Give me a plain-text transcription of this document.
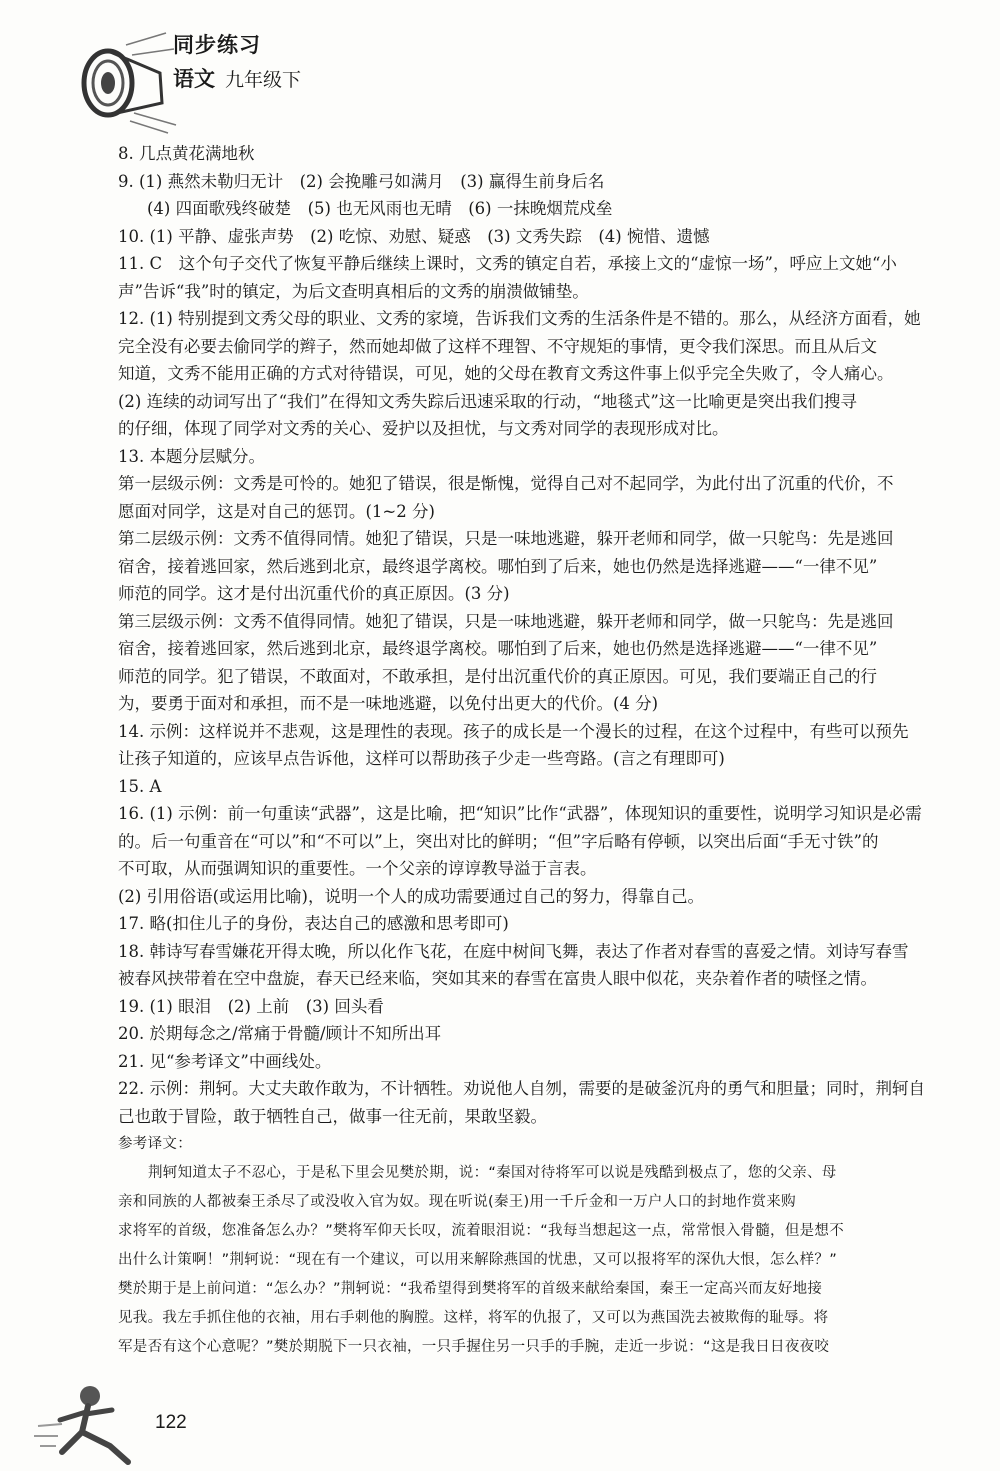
同步练习
语文 九年级下
8. 几点黄花满地秋
9. (1) 燕然未勒归无计　(2) 会挽雕弓如满月　(3) 赢得生前身后名
(4) 四面歌残终破楚　(5) 也无风雨也无晴　(6) 一抹晚烟荒戍垒
10. (1) 平静、虚张声势　(2) 吃惊、劝慰、疑惑　(3) 文秀失踪　(4) 惋惜、遗憾
11. C　这个句子交代了恢复平静后继续上课时，文秀的镇定自若，承接上文的“虚惊一场”，呼应上文她“小
声”告诉“我”时的镇定，为后文查明真相后的文秀的崩溃做铺垫。
12. (1) 特别提到文秀父母的职业、文秀的家境，告诉我们文秀的生活条件是不错的。那么，从经济方面看，她
完全没有必要去偷同学的辫子，然而她却做了这样不理智、不守规矩的事情，更令我们深思。而且从后文
知道，文秀不能用正确的方式对待错误，可见，她的父母在教育文秀这件事上似乎完全失败了，令人痛心。
(2) 连续的动词写出了“我们”在得知文秀失踪后迅速采取的行动，“地毯式”这一比喻更是突出我们搜寻
的仔细，体现了同学对文秀的关心、爱护以及担忧，与文秀对同学的表现形成对比。
13. 本题分层赋分。
第一层级示例：文秀是可怜的。她犯了错误，很是惭愧，觉得自己对不起同学，为此付出了沉重的代价，不
愿面对同学，这是对自己的惩罚。(1~2 分)
第二层级示例：文秀不值得同情。她犯了错误，只是一味地逃避，躲开老师和同学，做一只鸵鸟：先是逃回
宿舍，接着逃回家，然后逃到北京，最终退学离校。哪怕到了后来，她也仍然是选择逃避——“一律不见”
师范的同学。这才是付出沉重代价的真正原因。(3 分)
第三层级示例：文秀不值得同情。她犯了错误，只是一味地逃避，躲开老师和同学，做一只鸵鸟：先是逃回
宿舍，接着逃回家，然后逃到北京，最终退学离校。哪怕到了后来，她也仍然是选择逃避——“一律不见”
师范的同学。犯了错误，不敢面对，不敢承担，是付出沉重代价的真正原因。可见，我们要端正自己的行
为，要勇于面对和承担，而不是一味地逃避，以免付出更大的代价。(4 分)
14. 示例：这样说并不悲观，这是理性的表现。孩子的成长是一个漫长的过程，在这个过程中，有些可以预先
让孩子知道的，应该早点告诉他，这样可以帮助孩子少走一些弯路。(言之有理即可)
15. A
16. (1) 示例：前一句重读“武器”，这是比喻，把“知识”比作“武器”，体现知识的重要性，说明学习知识是必需
的。后一句重音在“可以”和“不可以”上，突出对比的鲜明；“但”字后略有停顿，以突出后面“手无寸铁”的
不可取，从而强调知识的重要性。一个父亲的谆谆教导溢于言表。
(2) 引用俗语(或运用比喻)，说明一个人的成功需要通过自己的努力，得靠自己。
17. 略(扣住儿子的身份，表达自己的感激和思考即可)
18. 韩诗写春雪嫌花开得太晚，所以化作飞花，在庭中树间飞舞，表达了作者对春雪的喜爱之情。刘诗写春雪
被春风挟带着在空中盘旋，春天已经来临，突如其来的春雪在富贵人眼中似花，夹杂着作者的啧怪之情。
19. (1) 眼泪　(2) 上前　(3) 回头看
20. 於期每念之/常痛于骨髓/顾计不知所出耳
21. 见“参考译文”中画线处。
22. 示例：荆轲。大丈夫敢作敢为，不计牺牲。劝说他人自刎，需要的是破釜沉舟的勇气和胆量；同时，荆轲自
己也敢于冒险，敢于牺牲自己，做事一往无前，果敢坚毅。
参考译文：
荆轲知道太子不忍心，于是私下里会见樊於期，说：“秦国对待将军可以说是残酷到极点了，您的父亲、母
亲和同族的人都被秦王杀尽了或没收入官为奴。现在听说(秦王)用一千斤金和一万户人口的封地作赏来购
求将军的首级，您准备怎么办？”樊将军仰天长叹，流着眼泪说：“我每当想起这一点，常常恨入骨髓，但是想不
出什么计策啊！”荆轲说：“现在有一个建议，可以用来解除燕国的忧患，又可以报将军的深仇大恨，怎么样？”
樊於期于是上前问道：“怎么办？”荆轲说：“我希望得到樊将军的首级来献给秦国，秦王一定高兴而友好地接
见我。我左手抓住他的衣袖，用右手刺他的胸膛。这样，将军的仇报了，又可以为燕国洗去被欺侮的耻辱。将
军是否有这个心意呢？”樊於期脱下一只衣袖，一只手握住另一只手的手腕，走近一步说：“这是我日日夜夜咬
122
